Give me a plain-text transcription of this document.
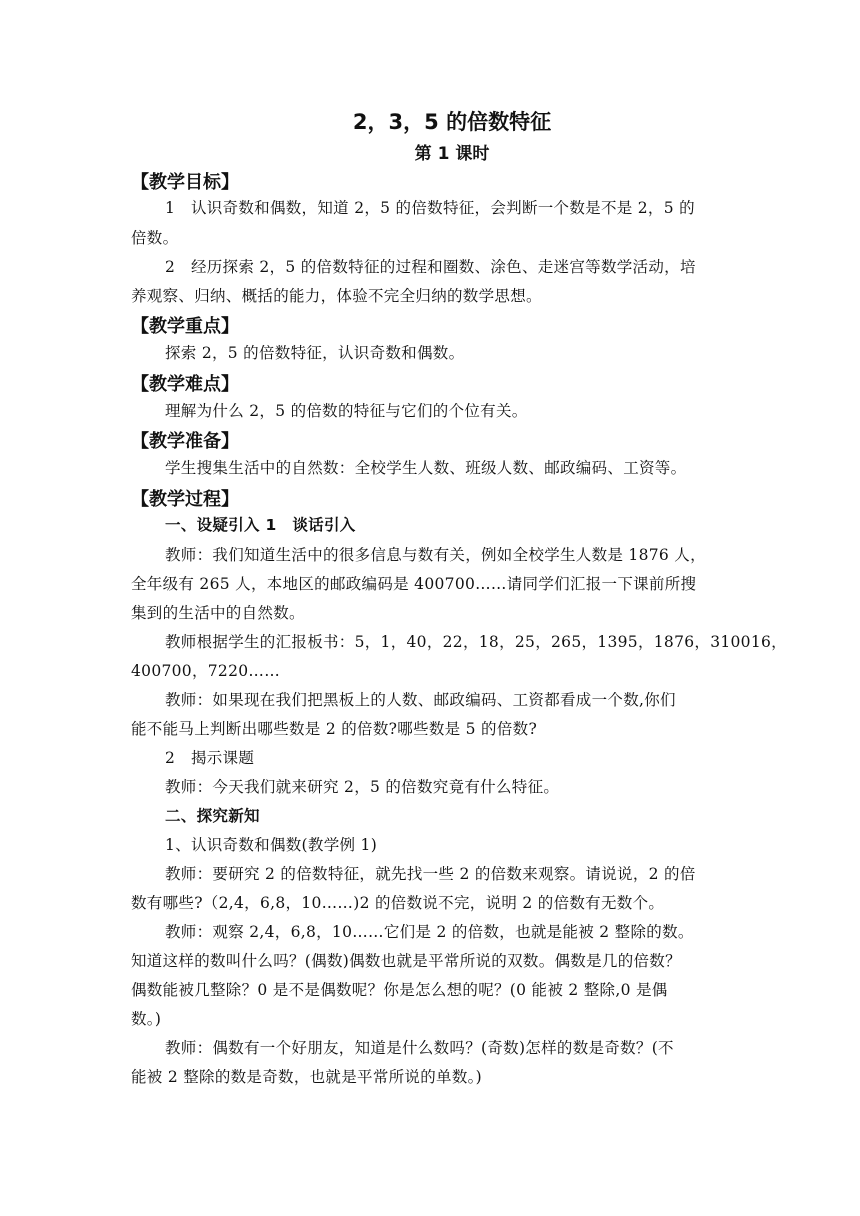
2，3，5 的倍数特征
第 1 课时
【教学目标】
1　认识奇数和偶数，知道 2，5 的倍数特征，会判断一个数是不是 2，5 的
倍数。
2　经历探索 2，5 的倍数特征的过程和圈数、涂色、走迷宫等数学活动，培
养观察、归纳、概括的能力，体验不完全归纳的数学思想。
【教学重点】
探索 2，5 的倍数特征，认识奇数和偶数。
【教学难点】
理解为什么 2，5 的倍数的特征与它们的个位有关。
【教学准备】
学生搜集生活中的自然数：全校学生人数、班级人数、邮政编码、工资等。
【教学过程】
一、设疑引入 1　谈话引入
教师：我们知道生活中的很多信息与数有关，例如全校学生人数是 1876 人，
全年级有 265 人，本地区的邮政编码是 400700……请同学们汇报一下课前所搜
集到的生活中的自然数。
教师根据学生的汇报板书：5，1，40，22，18，25，265，1395，1876，310016，
400700，7220……
教师：如果现在我们把黑板上的人数、邮政编码、工资都看成一个数,你们
能不能马上判断出哪些数是 2 的倍数?哪些数是 5 的倍数?
2　揭示课题
教师：今天我们就来研究 2，5 的倍数究竟有什么特征。
二、探究新知
1、认识奇数和偶数(教学例 1)
教师：要研究 2 的倍数特征，就先找一些 2 的倍数来观察。请说说，2 的倍
数有哪些?（2,4，6,8，10……)2 的倍数说不完，说明 2 的倍数有无数个。
教师：观察 2,4，6,8，10……它们是 2 的倍数，也就是能被 2 整除的数。
知道这样的数叫什么吗？(偶数)偶数也就是平常所说的双数。偶数是几的倍数？
偶数能被几整除？0 是不是偶数呢？你是怎么想的呢？(0 能被 2 整除,0 是偶
数。)
教师：偶数有一个好朋友，知道是什么数吗？(奇数)怎样的数是奇数？(不
能被 2 整除的数是奇数，也就是平常所说的单数。)
